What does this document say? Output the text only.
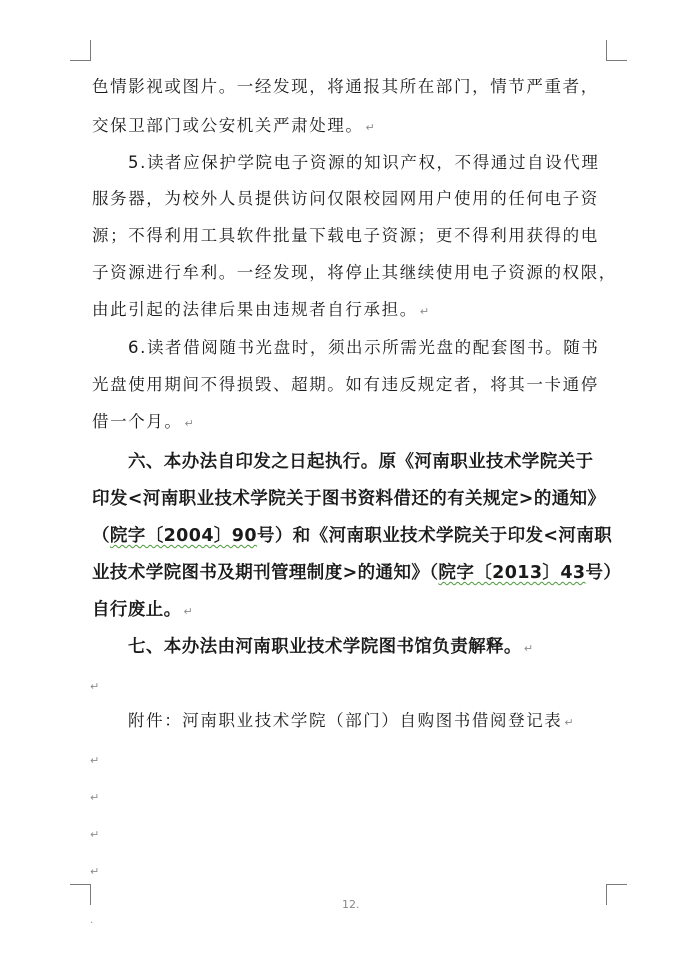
色情影视或图片。一经发现，将通报其所在部门，情节严重者，
交保卫部门或公安机关严肃处理。 ↵
5.读者应保护学院电子资源的知识产权，不得通过自设代理
服务器，为校外人员提供访问仅限校园网用户使用的任何电子资
源；不得利用工具软件批量下载电子资源；更不得利用获得的电
子资源进行牟利。一经发现，将停止其继续使用电子资源的权限，
由此引起的法律后果由违规者自行承担。 ↵
6.读者借阅随书光盘时，须出示所需光盘的配套图书。随书
光盘使用期间不得损毁、超期。如有违反规定者，将其一卡通停
借一个月。 ↵
六、本办法自印发之日起执行。原《河南职业技术学院关于
印发<河南职业技术学院关于图书资料借还的有关规定>的通知》
（院字〔2004〕90号）和《河南职业技术学院关于印发<河南职
业技术学院图书及期刊管理制度>的通知》（院字〔2013〕43号）
自行废止。 ↵
七、本办法由河南职业技术学院图书馆负责解释。 ↵
↵
附件：河南职业技术学院（部门）自购图书借阅登记表 ↵
↵
↵
↵
↵
12.
.
